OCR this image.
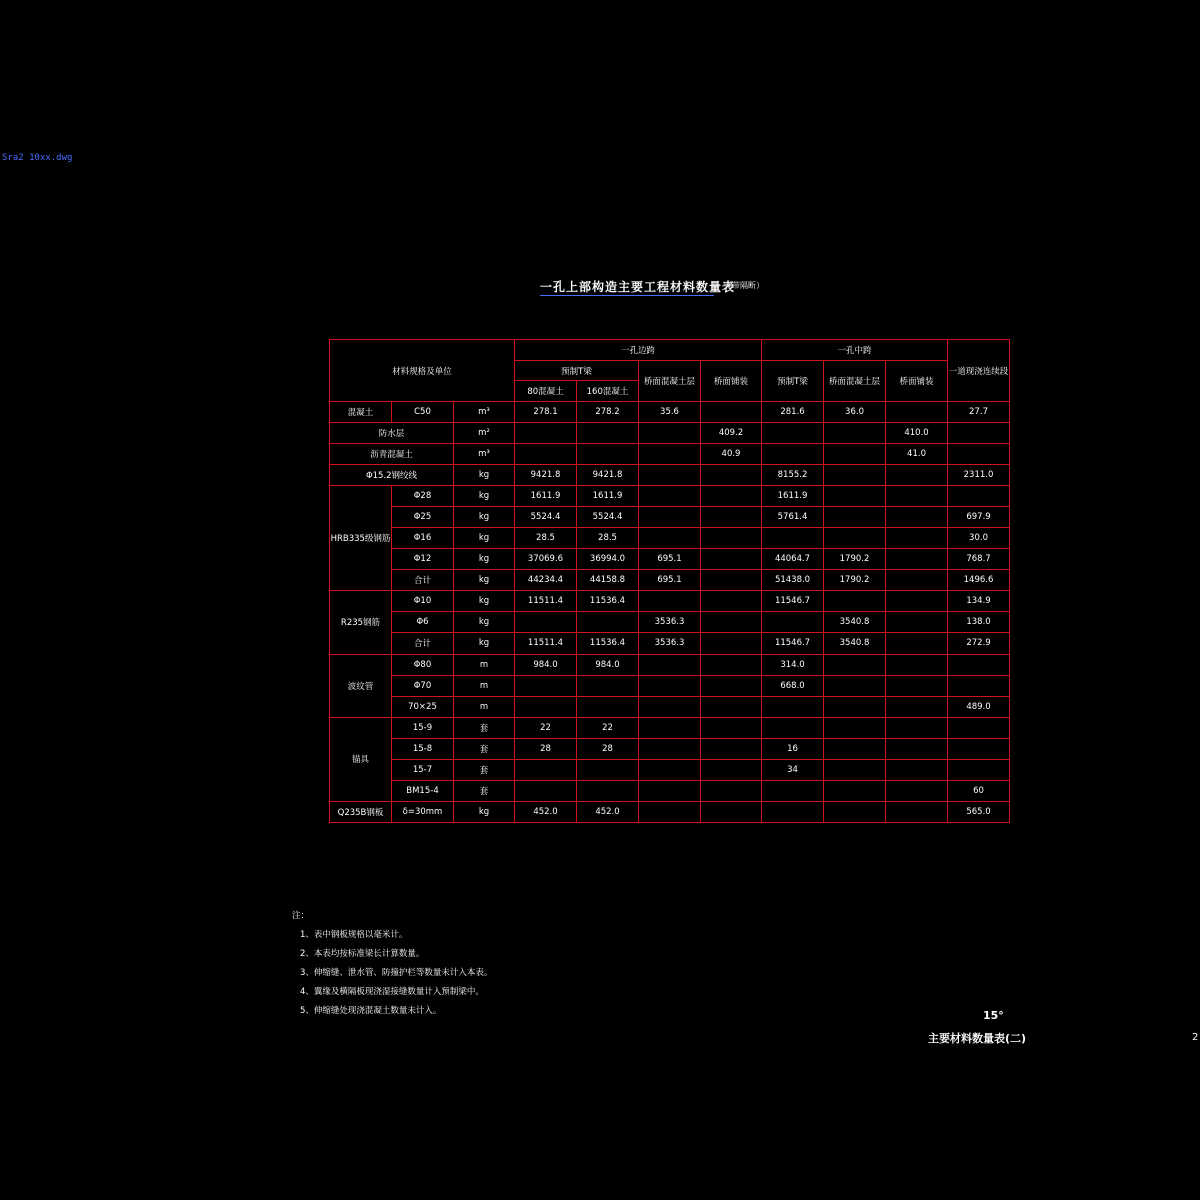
Sra2 10xx.dwg
一孔上部构造主要工程材料数量表
（带隔断）
材料规格及单位			一孔边跨				一孔中跨			一道现浇连续段
			预制T梁		桥面混凝土层	桥面铺装	预制T梁	桥面混凝土层	桥面铺装	
			80混凝土	160混凝土						
混凝土	C50	m³	278.1	278.2	35.6		281.6	36.0		27.7
防水层		m²				409.2			410.0	
沥青混凝土		m³				40.9			41.0	
Φ15.2钢绞线		kg	9421.8	9421.8			8155.2			2311.0
HRB335级钢筋	Φ28	kg	1611.9	1611.9			1611.9			
	Φ25	kg	5524.4	5524.4			5761.4			697.9
	Φ16	kg	28.5	28.5						30.0
	Φ12	kg	37069.6	36994.0	695.1		44064.7	1790.2		768.7
	合计	kg	44234.4	44158.8	695.1		51438.0	1790.2		1496.6
R235钢筋	Φ10	kg	11511.4	11536.4			11546.7			134.9
	Φ6	kg			3536.3			3540.8		138.0
	合计	kg	11511.4	11536.4	3536.3		11546.7	3540.8		272.9
波纹管	Φ80	m	984.0	984.0			314.0			
	Φ70	m					668.0			
	70×25	m								489.0
锚具	15-9	套	22	22						
	15-8	套	28	28			16			
	15-7	套					34			
	BM15-4	套								60
Q235B钢板	δ=30mm	kg	452.0	452.0						565.0
注：
1、表中钢板规格以毫米计。
2、本表均按标准梁长计算数量。
3、伸缩缝、泄水管、防撞护栏等数量未计入本表。
4、翼缘及横隔板现浇湿接缝数量计入预制梁中。
5、伸缩缝处现浇混凝土数量未计入。	15°
主要材料数量表(二)	2
